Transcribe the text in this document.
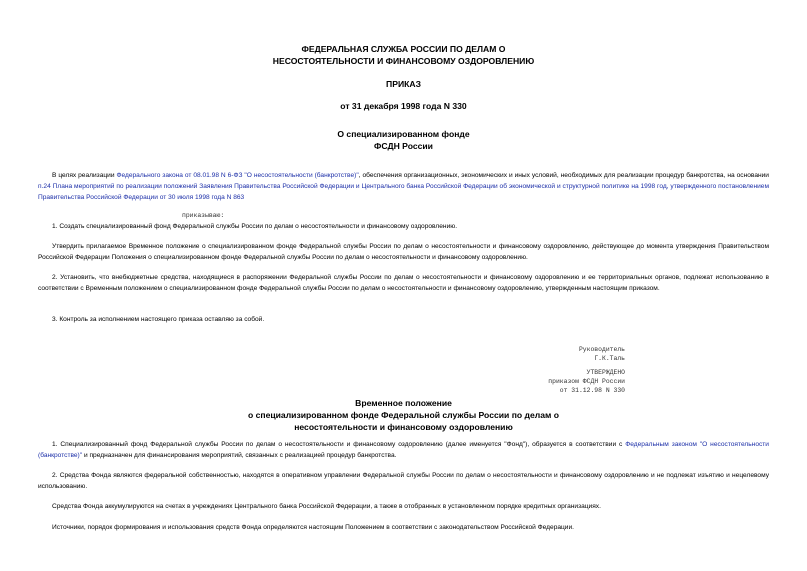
ФЕДЕРАЛЬНАЯ СЛУЖБА РОССИИ ПО ДЕЛАМ О
НЕСОСТОЯТЕЛЬНОСТИ И ФИНАНСОВОМУ ОЗДОРОВЛЕНИЮ
ПРИКАЗ
от 31 декабря 1998 года N 330
О специализированном фонде
ФСДН России
В целях реализации Федерального закона от 08.01.98 N 6-ФЗ "О несостоятельности (банкротстве)", обеспечения организационных, экономических и иных условий, необходимых для реализации процедур банкротства, на основании п.24 Плана мероприятий по реализации положений Заявления Правительства Российской Федерации и Центрального банка Российской Федерации об экономической и структурной политике на 1998 год, утвержденного постановлением Правительства Российской Федерации от 30 июля 1998 года N 863
приказываю:
1. Создать специализированный фонд Федеральной службы России по делам о несостоятельности и финансовому оздоровлению.
Утвердить прилагаемое Временное положение о специализированном фонде Федеральной службы России по делам о несостоятельности и финансовому оздоровлению, действующее до момента утверждения Правительством Российской Федерации Положения о специализированном фонде Федеральной службы России по делам о несостоятельности и финансовому оздоровлению.
2. Установить, что внебюджетные средства, находящиеся в распоряжении Федеральной службы России по делам о несостоятельности и финансовому оздоровлению и ее территориальных органов, подлежат использованию в соответствии с Временным положением о специализированном фонде Федеральной службы России по делам о несостоятельности и финансовому оздоровлению, утвержденным настоящим приказом.
3. Контроль за исполнением настоящего приказа оставляю за собой.
Руководитель
Г.К.Таль
УТВЕРЖДЕНО
приказом ФСДН России
от 31.12.98 N 330
Временное положение
о специализированном фонде Федеральной службы России по делам о
несостоятельности и финансовому оздоровлению
1. Специализированный фонд Федеральной службы России по делам о несостоятельности и финансовому оздоровлению (далее именуется "Фонд"), образуется в соответствии с Федеральным законом "О несостоятельности (банкротстве)" и предназначен для финансирования мероприятий, связанных с реализацией процедур банкротства.
2. Средства Фонда являются федеральной собственностью, находятся в оперативном управлении Федеральной службы России по делам о несостоятельности и финансовому оздоровлению и не подлежат изъятию и нецелевому использованию.
Средства Фонда аккумулируются на счетах в учреждениях Центрального банка Российской Федерации, а также в отобранных в установленном порядке кредитных организациях.
Источники, порядок формирования и использования средств Фонда определяются настоящим Положением в соответствии с законодательством Российской Федерации.
